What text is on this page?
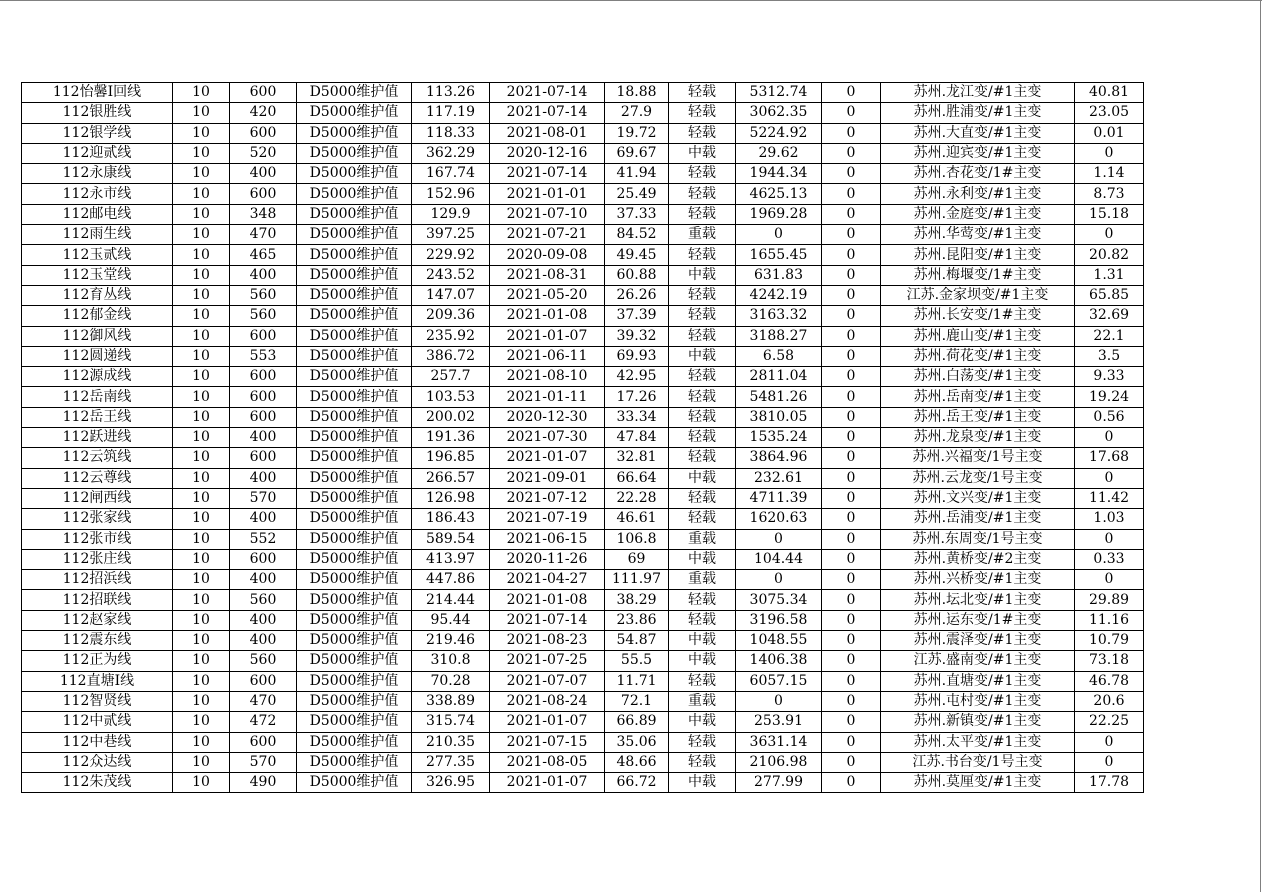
112怡馨Ⅰ回线	10	600	D5000维护值	113.26	2021-07-14	18.88	轻载	5312.74	0	苏州.龙江变/#1主变	40.81
112银胜线	10	420	D5000维护值	117.19	2021-07-14	27.9	轻载	3062.35	0	苏州.胜浦变/#1主变	23.05
112银学线	10	600	D5000维护值	118.33	2021-08-01	19.72	轻载	5224.92	0	苏州.大直变/#1主变	0.01
112迎贰线	10	520	D5000维护值	362.29	2020-12-16	69.67	中载	29.62	0	苏州.迎宾变/#1主变	0
112永康线	10	400	D5000维护值	167.74	2021-07-14	41.94	轻载	1944.34	0	苏州.杏花变/1#主变	1.14
112永市线	10	600	D5000维护值	152.96	2021-01-01	25.49	轻载	4625.13	0	苏州.永利变/#1主变	8.73
112邮电线	10	348	D5000维护值	129.9	2021-07-10	37.33	轻载	1969.28	0	苏州.金庭变/#1主变	15.18
112雨生线	10	470	D5000维护值	397.25	2021-07-21	84.52	重载	0	0	苏州.华莺变/#1主变	0
112玉贰线	10	465	D5000维护值	229.92	2020-09-08	49.45	轻载	1655.45	0	苏州.昆阳变/#1主变	20.82
112玉堂线	10	400	D5000维护值	243.52	2021-08-31	60.88	中载	631.83	0	苏州.梅堰变/1#主变	1.31
112育丛线	10	560	D5000维护值	147.07	2021-05-20	26.26	轻载	4242.19	0	江苏.金家坝变/#1主变	65.85
112郁金线	10	560	D5000维护值	209.36	2021-01-08	37.39	轻载	3163.32	0	苏州.长安变/1#主变	32.69
112御风线	10	600	D5000维护值	235.92	2021-01-07	39.32	轻载	3188.27	0	苏州.鹿山变/#1主变	22.1
112圆递线	10	553	D5000维护值	386.72	2021-06-11	69.93	中载	6.58	0	苏州.荷花变/#1主变	3.5
112源成线	10	600	D5000维护值	257.7	2021-08-10	42.95	轻载	2811.04	0	苏州.白荡变/#1主变	9.33
112岳南线	10	600	D5000维护值	103.53	2021-01-11	17.26	轻载	5481.26	0	苏州.岳南变/#1主变	19.24
112岳王线	10	600	D5000维护值	200.02	2020-12-30	33.34	轻载	3810.05	0	苏州.岳王变/#1主变	0.56
112跃进线	10	400	D5000维护值	191.36	2021-07-30	47.84	轻载	1535.24	0	苏州.龙泉变/#1主变	0
112云筑线	10	600	D5000维护值	196.85	2021-01-07	32.81	轻载	3864.96	0	苏州.兴福变/1号主变	17.68
112云尊线	10	400	D5000维护值	266.57	2021-09-01	66.64	中载	232.61	0	苏州.云龙变/1号主变	0
112闸西线	10	570	D5000维护值	126.98	2021-07-12	22.28	轻载	4711.39	0	苏州.文兴变/#1主变	11.42
112张家线	10	400	D5000维护值	186.43	2021-07-19	46.61	轻载	1620.63	0	苏州.岳浦变/#1主变	1.03
112张市线	10	552	D5000维护值	589.54	2021-06-15	106.8	重载	0	0	苏州.东周变/1号主变	0
112张庄线	10	600	D5000维护值	413.97	2020-11-26	69	中载	104.44	0	苏州.黄桥变/#2主变	0.33
112招浜线	10	400	D5000维护值	447.86	2021-04-27	111.97	重载	0	0	苏州.兴桥变/#1主变	0
112招联线	10	560	D5000维护值	214.44	2021-01-08	38.29	轻载	3075.34	0	苏州.坛北变/#1主变	29.89
112赵家线	10	400	D5000维护值	95.44	2021-07-14	23.86	轻载	3196.58	0	苏州.运东变/1#主变	11.16
112震东线	10	400	D5000维护值	219.46	2021-08-23	54.87	中载	1048.55	0	苏州.震泽变/#1主变	10.79
112正为线	10	560	D5000维护值	310.8	2021-07-25	55.5	中载	1406.38	0	江苏.盛南变/#1主变	73.18
112直塘Ⅰ线	10	600	D5000维护值	70.28	2021-07-07	11.71	轻载	6057.15	0	苏州.直塘变/#1主变	46.78
112智贤线	10	470	D5000维护值	338.89	2021-08-24	72.1	重载	0	0	苏州.屯村变/#1主变	20.6
112中贰线	10	472	D5000维护值	315.74	2021-01-07	66.89	中载	253.91	0	苏州.新镇变/#1主变	22.25
112中巷线	10	600	D5000维护值	210.35	2021-07-15	35.06	轻载	3631.14	0	苏州.太平变/#1主变	0
112众达线	10	570	D5000维护值	277.35	2021-08-05	48.66	轻载	2106.98	0	江苏.书台变/1号主变	0
112朱茂线	10	490	D5000维护值	326.95	2021-01-07	66.72	中载	277.99	0	苏州.莫厘变/#1主变	17.78
